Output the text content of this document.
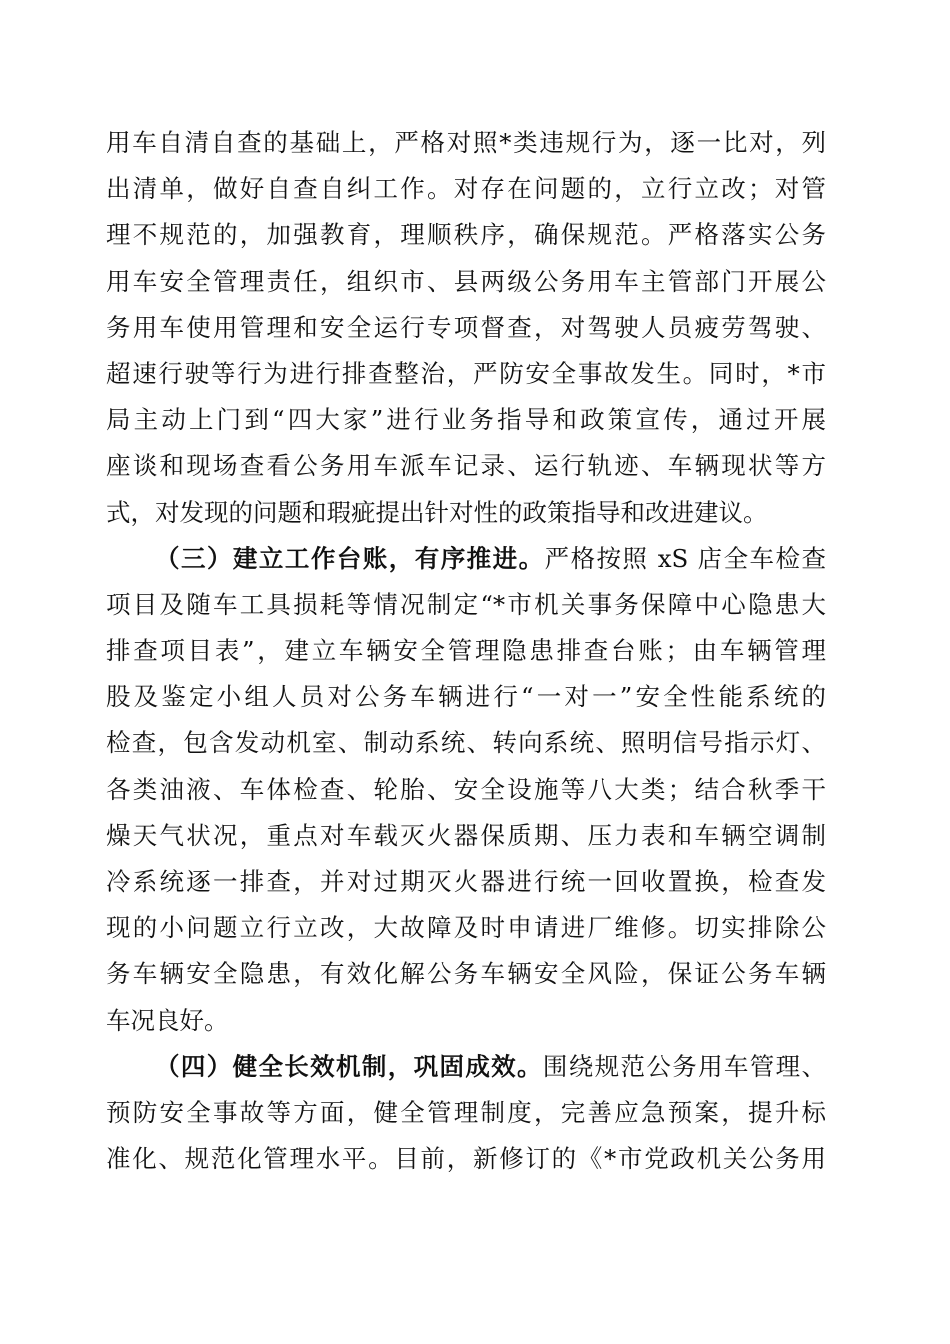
用车自清自查的基础上，严格对照*类违规行为，逐一比对，列
出清单，做好自查自纠工作。对存在问题的，立行立改；对管
理不规范的，加强教育，理顺秩序，确保规范。严格落实公务
用车安全管理责任，组织市、县两级公务用车主管部门开展公
务用车使用管理和安全运行专项督查，对驾驶人员疲劳驾驶、
超速行驶等行为进行排查整治，严防安全事故发生。同时，*市
局主动上门到“四大家”进行业务指导和政策宣传，通过开展
座谈和现场查看公务用车派车记录、运行轨迹、车辆现状等方
式，对发现的问题和瑕疵提出针对性的政策指导和改进建议。
（三）建立工作台账，有序推进。严格按照 xS 店全车检查
项目及随车工具损耗等情况制定“*市机关事务保障中心隐患大
排查项目表”，建立车辆安全管理隐患排查台账；由车辆管理
股及鉴定小组人员对公务车辆进行“一对一”安全性能系统的
检查，包含发动机室、制动系统、转向系统、照明信号指示灯、
各类油液、车体检查、轮胎、安全设施等八大类；结合秋季干
燥天气状况，重点对车载灭火器保质期、压力表和车辆空调制
冷系统逐一排查，并对过期灭火器进行统一回收置换，检查发
现的小问题立行立改，大故障及时申请进厂维修。切实排除公
务车辆安全隐患，有效化解公务车辆安全风险，保证公务车辆
车况良好。
（四）健全长效机制，巩固成效。围绕规范公务用车管理、
预防安全事故等方面，健全管理制度，完善应急预案，提升标
准化、规范化管理水平。目前，新修订的《*市党政机关公务用
